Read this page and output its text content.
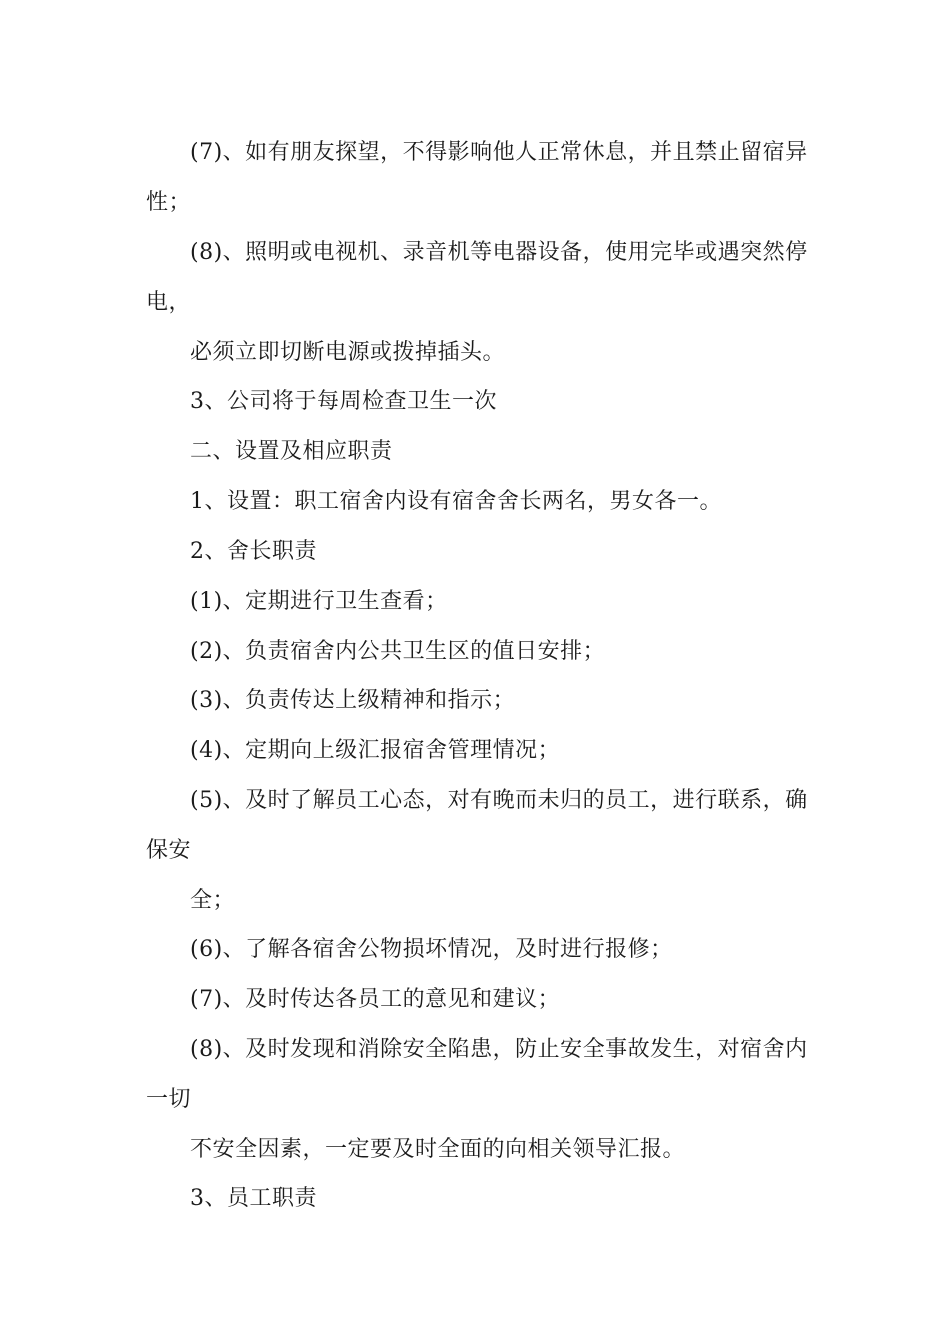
(7)、如有朋友探望，不得影响他人正常休息，并且禁止留宿异
性；
(8)、照明或电视机、录音机等电器设备，使用完毕或遇突然停
电，
必须立即切断电源或拨掉插头。
3、公司将于每周检查卫生一次
二、设置及相应职责
1、设置：职工宿舍内设有宿舍舍长两名，男女各一。
2、舍长职责
(1)、定期进行卫生查看；
(2)、负责宿舍内公共卫生区的值日安排；
(3)、负责传达上级精神和指示；
(4)、定期向上级汇报宿舍管理情况；
(5)、及时了解员工心态，对有晚而未归的员工，进行联系，确
保安
全；
(6)、了解各宿舍公物损坏情况，及时进行报修；
(7)、及时传达各员工的意见和建议；
(8)、及时发现和消除安全陷患，防止安全事故发生，对宿舍内
一切
不安全因素，一定要及时全面的向相关领导汇报。
3、员工职责
